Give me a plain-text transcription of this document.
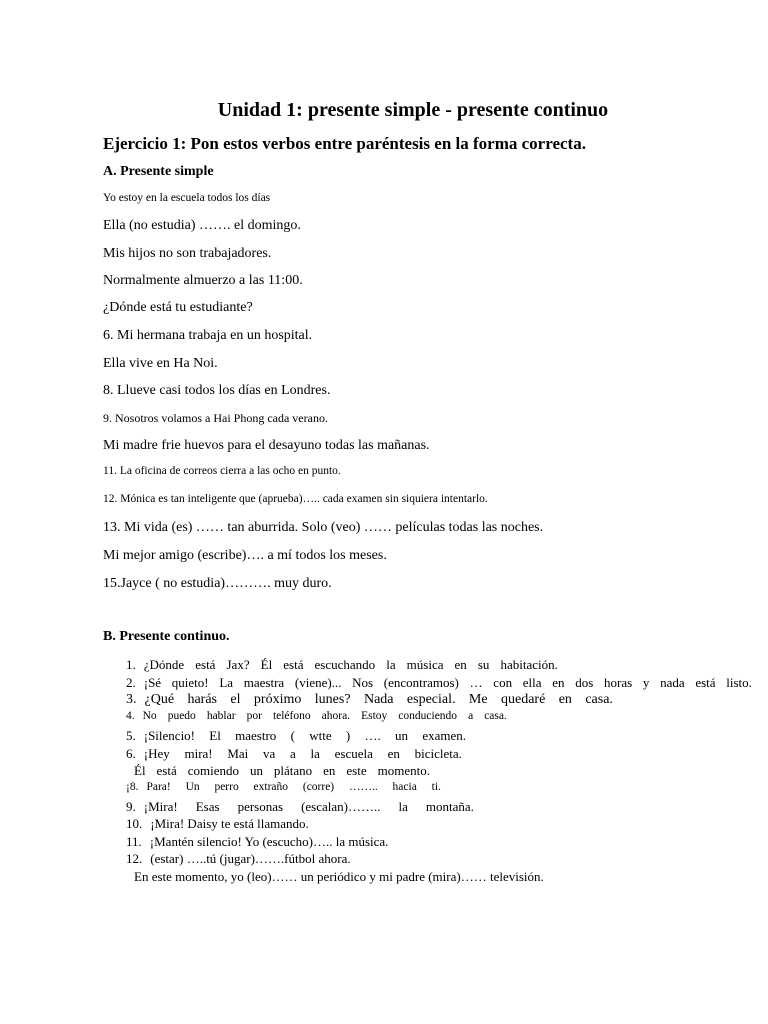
Unidad 1: presente simple - presente continuo
Ejercicio 1: Pon estos verbos entre paréntesis en la forma correcta.
A. Presente simple

Yo estoy en la escuela todos los días

Ella (no estudia) ……. el domingo.

Mis hijos no son trabajadores.

Normalmente almuerzo a las 11:00.

¿Dónde está tu estudiante?

6. Mi hermana trabaja en un hospital.

Ella vive en Ha Noi.

8. Llueve casi todos los días en Londres.

9. Nosotros volamos a Hai Phong cada verano.

Mi madre frie huevos para el desayuno todas las mañanas.

11. La oficina de correos cierra a las ocho en punto.

12. Mónica es tan inteligente que (aprueba)….. cada examen sin siquiera intentarlo.

13. Mi vida (es) …… tan aburrida. Solo (veo) …… películas todas las noches.

Mi mejor amigo (escribe)…. a mí todos los meses.

15.Jayce ( no estudia)………. muy duro.

B. Presente continuo.
1. ¿Dónde está Jax? Él está escuchando la música en su habitación.
2. ¡Sé quieto! La maestra (viene)... Nos (encontramos) … con ella en dos horas y nada está listo.
3. ¿Qué harás el próximo lunes? Nada especial. Me quedaré en casa.
4. No puedo hablar por teléfono ahora. Estoy conduciendo a casa.
5. ¡Silencio! El maestro ( wtte ) …. un examen.
6. ¡Hey mira! Mai va a la escuela en bicicleta.
Él está comiendo un plátano en este momento.
¡8. Para! Un perro extraño (corre) …….. hacia ti.
9. ¡Mira! Esas personas (escalan)…….. la montaña.
10. ¡Mira! Daisy te está llamando.
11. ¡Mantén silencio! Yo (escucho)….. la música.
12. (estar) …..tú (jugar)…….fútbol ahora.
En este momento, yo (leo)…… un periódico y mi padre (mira)…… televisión.
